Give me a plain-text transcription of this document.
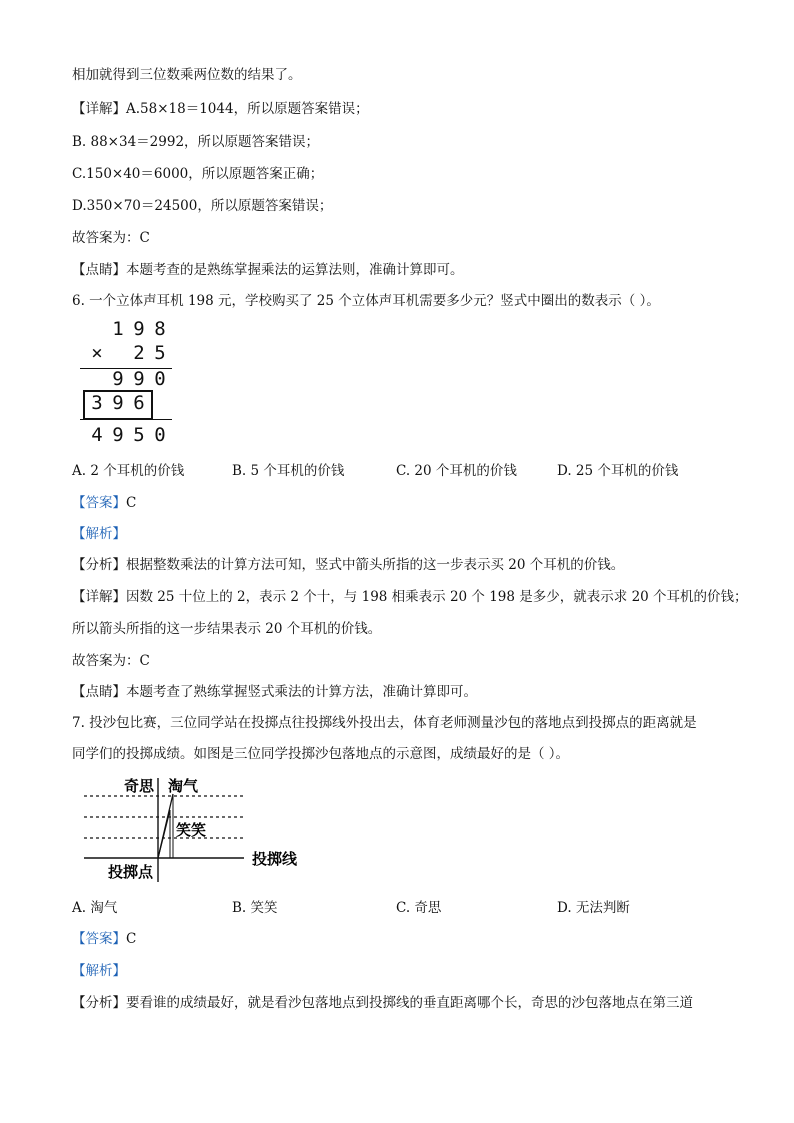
相加就得到三位数乘两位数的结果了。
【详解】A.58×18＝1044，所以原题答案错误；
B. 88×34＝2992，所以原题答案错误；
C.150×40＝6000，所以原题答案正确；
D.350×70＝24500，所以原题答案错误；
故答案为：C
【点睛】本题考查的是熟练掌握乘法的运算法则，准确计算即可。
6. 一个立体声耳机 198 元，学校购买了 25 个立体声耳机需要多少元？竖式中圈出的数表示（ ）。
1 9 8
× 2 5
9 9 0
3 9 6
4 9 5 0
A. 2 个耳机的价钱	B. 5 个耳机的价钱	C. 20 个耳机的价钱	D. 25 个耳机的价钱
【答案】C
【解析】
【分析】根据整数乘法的计算方法可知，竖式中箭头所指的这一步表示买 20 个耳机的价钱。
【详解】因数 25 十位上的 2，表示 2 个十，与 198 相乘表示 20 个 198 是多少，就表示求 20 个耳机的价钱；
所以箭头所指的这一步结果表示 20 个耳机的价钱。
故答案为：C
【点睛】本题考查了熟练掌握竖式乘法的计算方法，准确计算即可。
7. 投沙包比赛，三位同学站在投掷点往投掷线外投出去，体育老师测量沙包的落地点到投掷点的距离就是
同学们的投掷成绩。如图是三位同学投掷沙包落地点的示意图，成绩最好的是（ ）。
奇思 淘气
笑笑
投掷点
投掷线
A. 淘气	B. 笑笑	C. 奇思	D. 无法判断
【答案】C
【解析】
【分析】要看谁的成绩最好，就是看沙包落地点到投掷线的垂直距离哪个长，奇思的沙包落地点在第三道
